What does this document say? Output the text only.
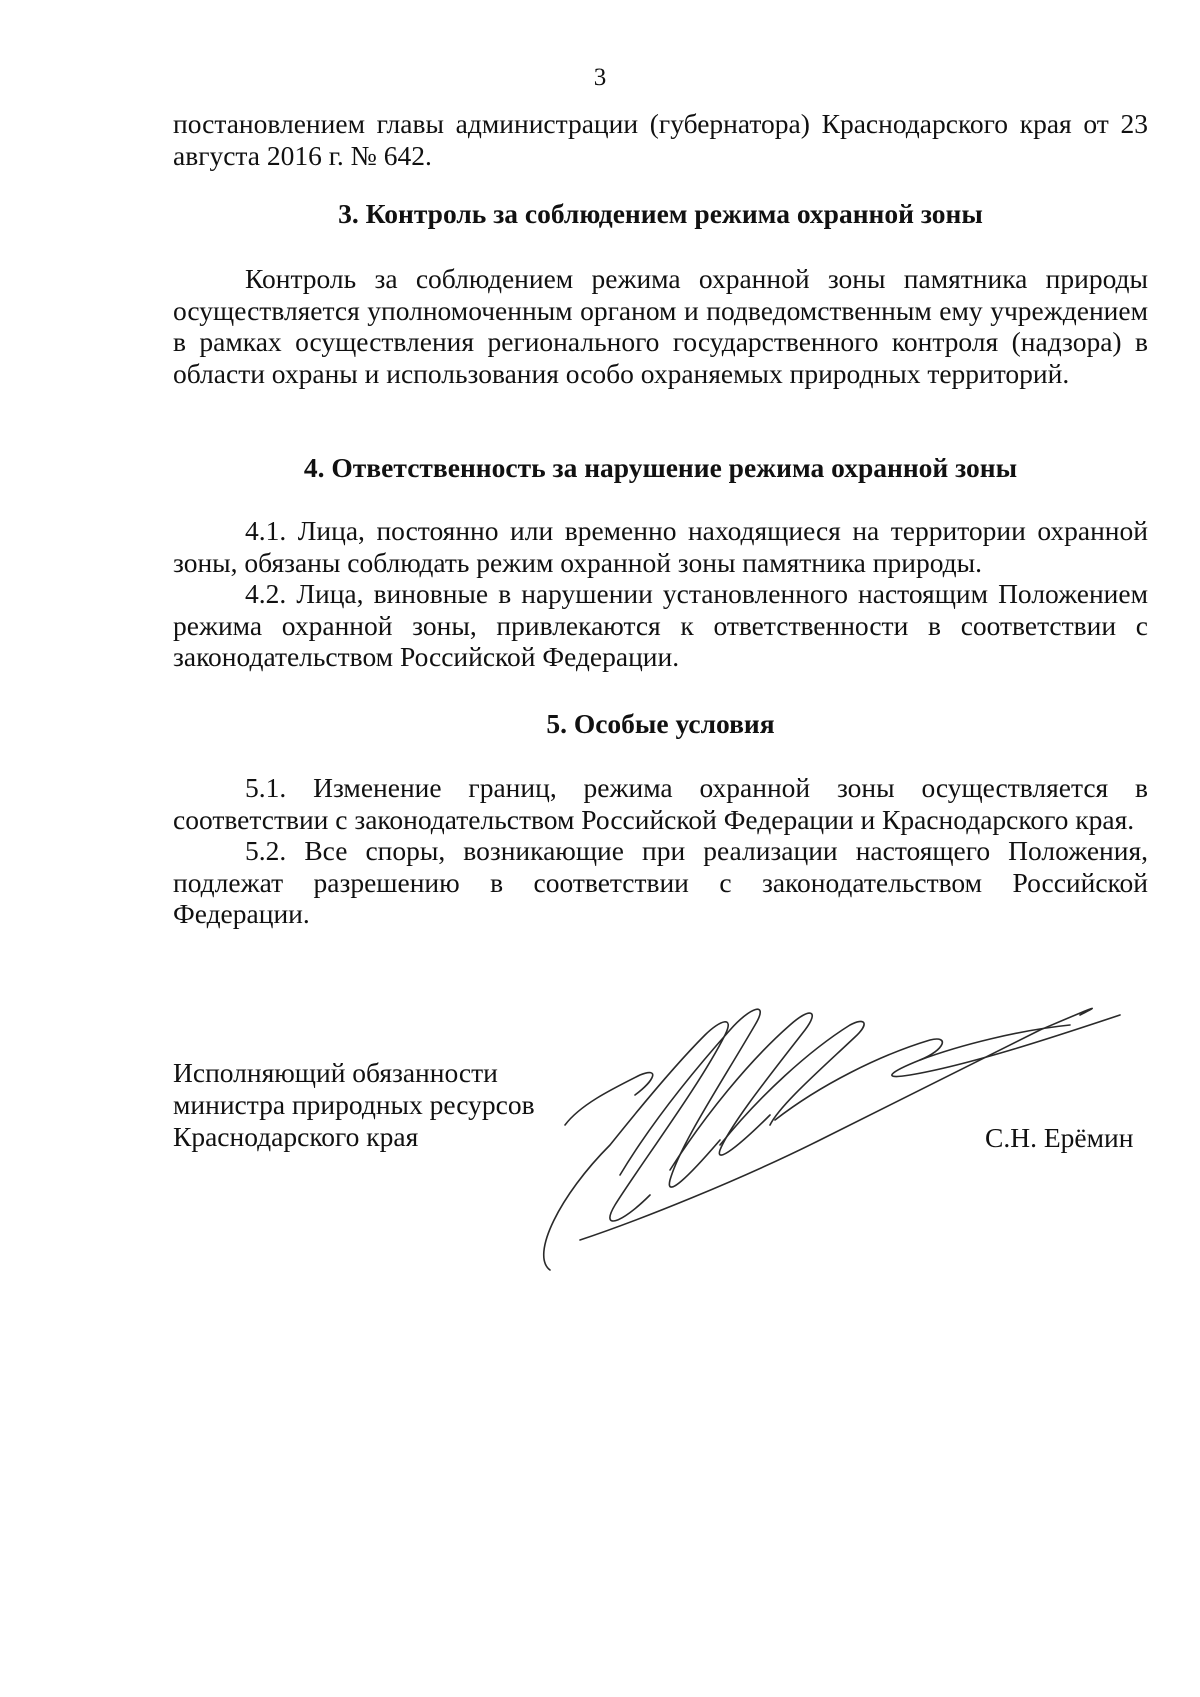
3

постановлением главы администрации (губернатора) Краснодарского края от 23 августа 2016 г. № 642.

3. Контроль за соблюдением режима охранной зоны

Контроль за соблюдением режима охранной зоны памятника природы осуществляется уполномоченным органом и подведомственным ему учреждением в рамках осуществления регионального государственного контроля (надзора) в области охраны и использования особо охраняемых природных территорий.

4. Ответственность за нарушение режима охранной зоны

4.1. Лица, постоянно или временно находящиеся на территории охранной зоны, обязаны соблюдать режим охранной зоны памятника природы.

4.2. Лица, виновные в нарушении установленного настоящим Положением режима охранной зоны, привлекаются к ответственности в соответствии с законодательством Российской Федерации.

5. Особые условия

5.1. Изменение границ, режима охранной зоны осуществляется в соответствии с законодательством Российской Федерации и Краснодарского края.

5.2. Все споры, возникающие при реализации настоящего Положения, подлежат разрешению в соответствии с законодательством Российской Федерации.

Исполняющий обязанности
министра природных ресурсов
Краснодарского края	С.Н. Ерёмин
